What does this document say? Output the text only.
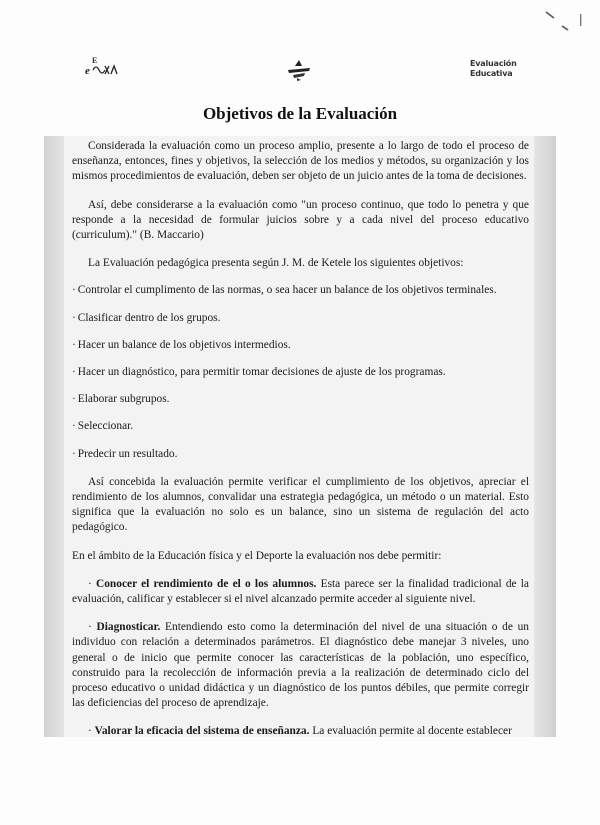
E
e
Evaluación
Educativa
Objetivos de la Evaluación

Considerada la evaluación como un proceso amplio, presente a lo largo de todo el proceso de enseñanza, entonces, fines y objetivos, la selección de los medios y métodos, su organización y los mismos procedimientos de evaluación, deben ser objeto de un juicio antes de la toma de decisiones.

Así, debe considerarse a la evaluación como "un proceso continuo, que todo lo penetra y que responde a la necesidad de formular juicios sobre y a cada nivel del proceso educativo (curriculum)." (B. Maccario)

La Evaluación pedagógica presenta según J. M. de Ketele los siguientes objetivos:

· Controlar el cumplimento de las normas, o sea hacer un balance de los objetivos terminales.

· Clasificar dentro de los grupos.

· Hacer un balance de los objetivos intermedios.

· Hacer un diagnóstico, para permitir tomar decisiones de ajuste de los programas.

· Elaborar subgrupos.

· Seleccionar.

· Predecir un resultado.

Así concebida la evaluación permite verificar el cumplimiento de los objetivos, apreciar el rendimiento de los alumnos, convalidar una estrategia pedagógica, un método o un material. Esto significa que la evaluación no solo es un balance, sino un sistema de regulación del acto pedagógico.

En el ámbito de la Educación física y el Deporte la evaluación nos debe permitir:

· Conocer el rendimiento de el o los alumnos. Esta parece ser la finalidad tradicional de la evaluación, calificar y establecer si el nivel alcanzado permite acceder al siguiente nivel.

· Diagnosticar. Entendiendo esto como la determinación del nivel de una situación o de un individuo con relación a determinados parámetros. El diagnóstico debe manejar 3 niveles, uno general o de inicio que permite conocer las características de la población, uno específico, construido para la recolección de información previa a la realización de determinado ciclo del proceso educativo o unidad didáctica y un diagnóstico de los puntos débiles, que permite corregir las deficiencias del proceso de aprendizaje.

· Valorar la eficacia del sistema de enseñanza. La evaluación permite al docente establecer
